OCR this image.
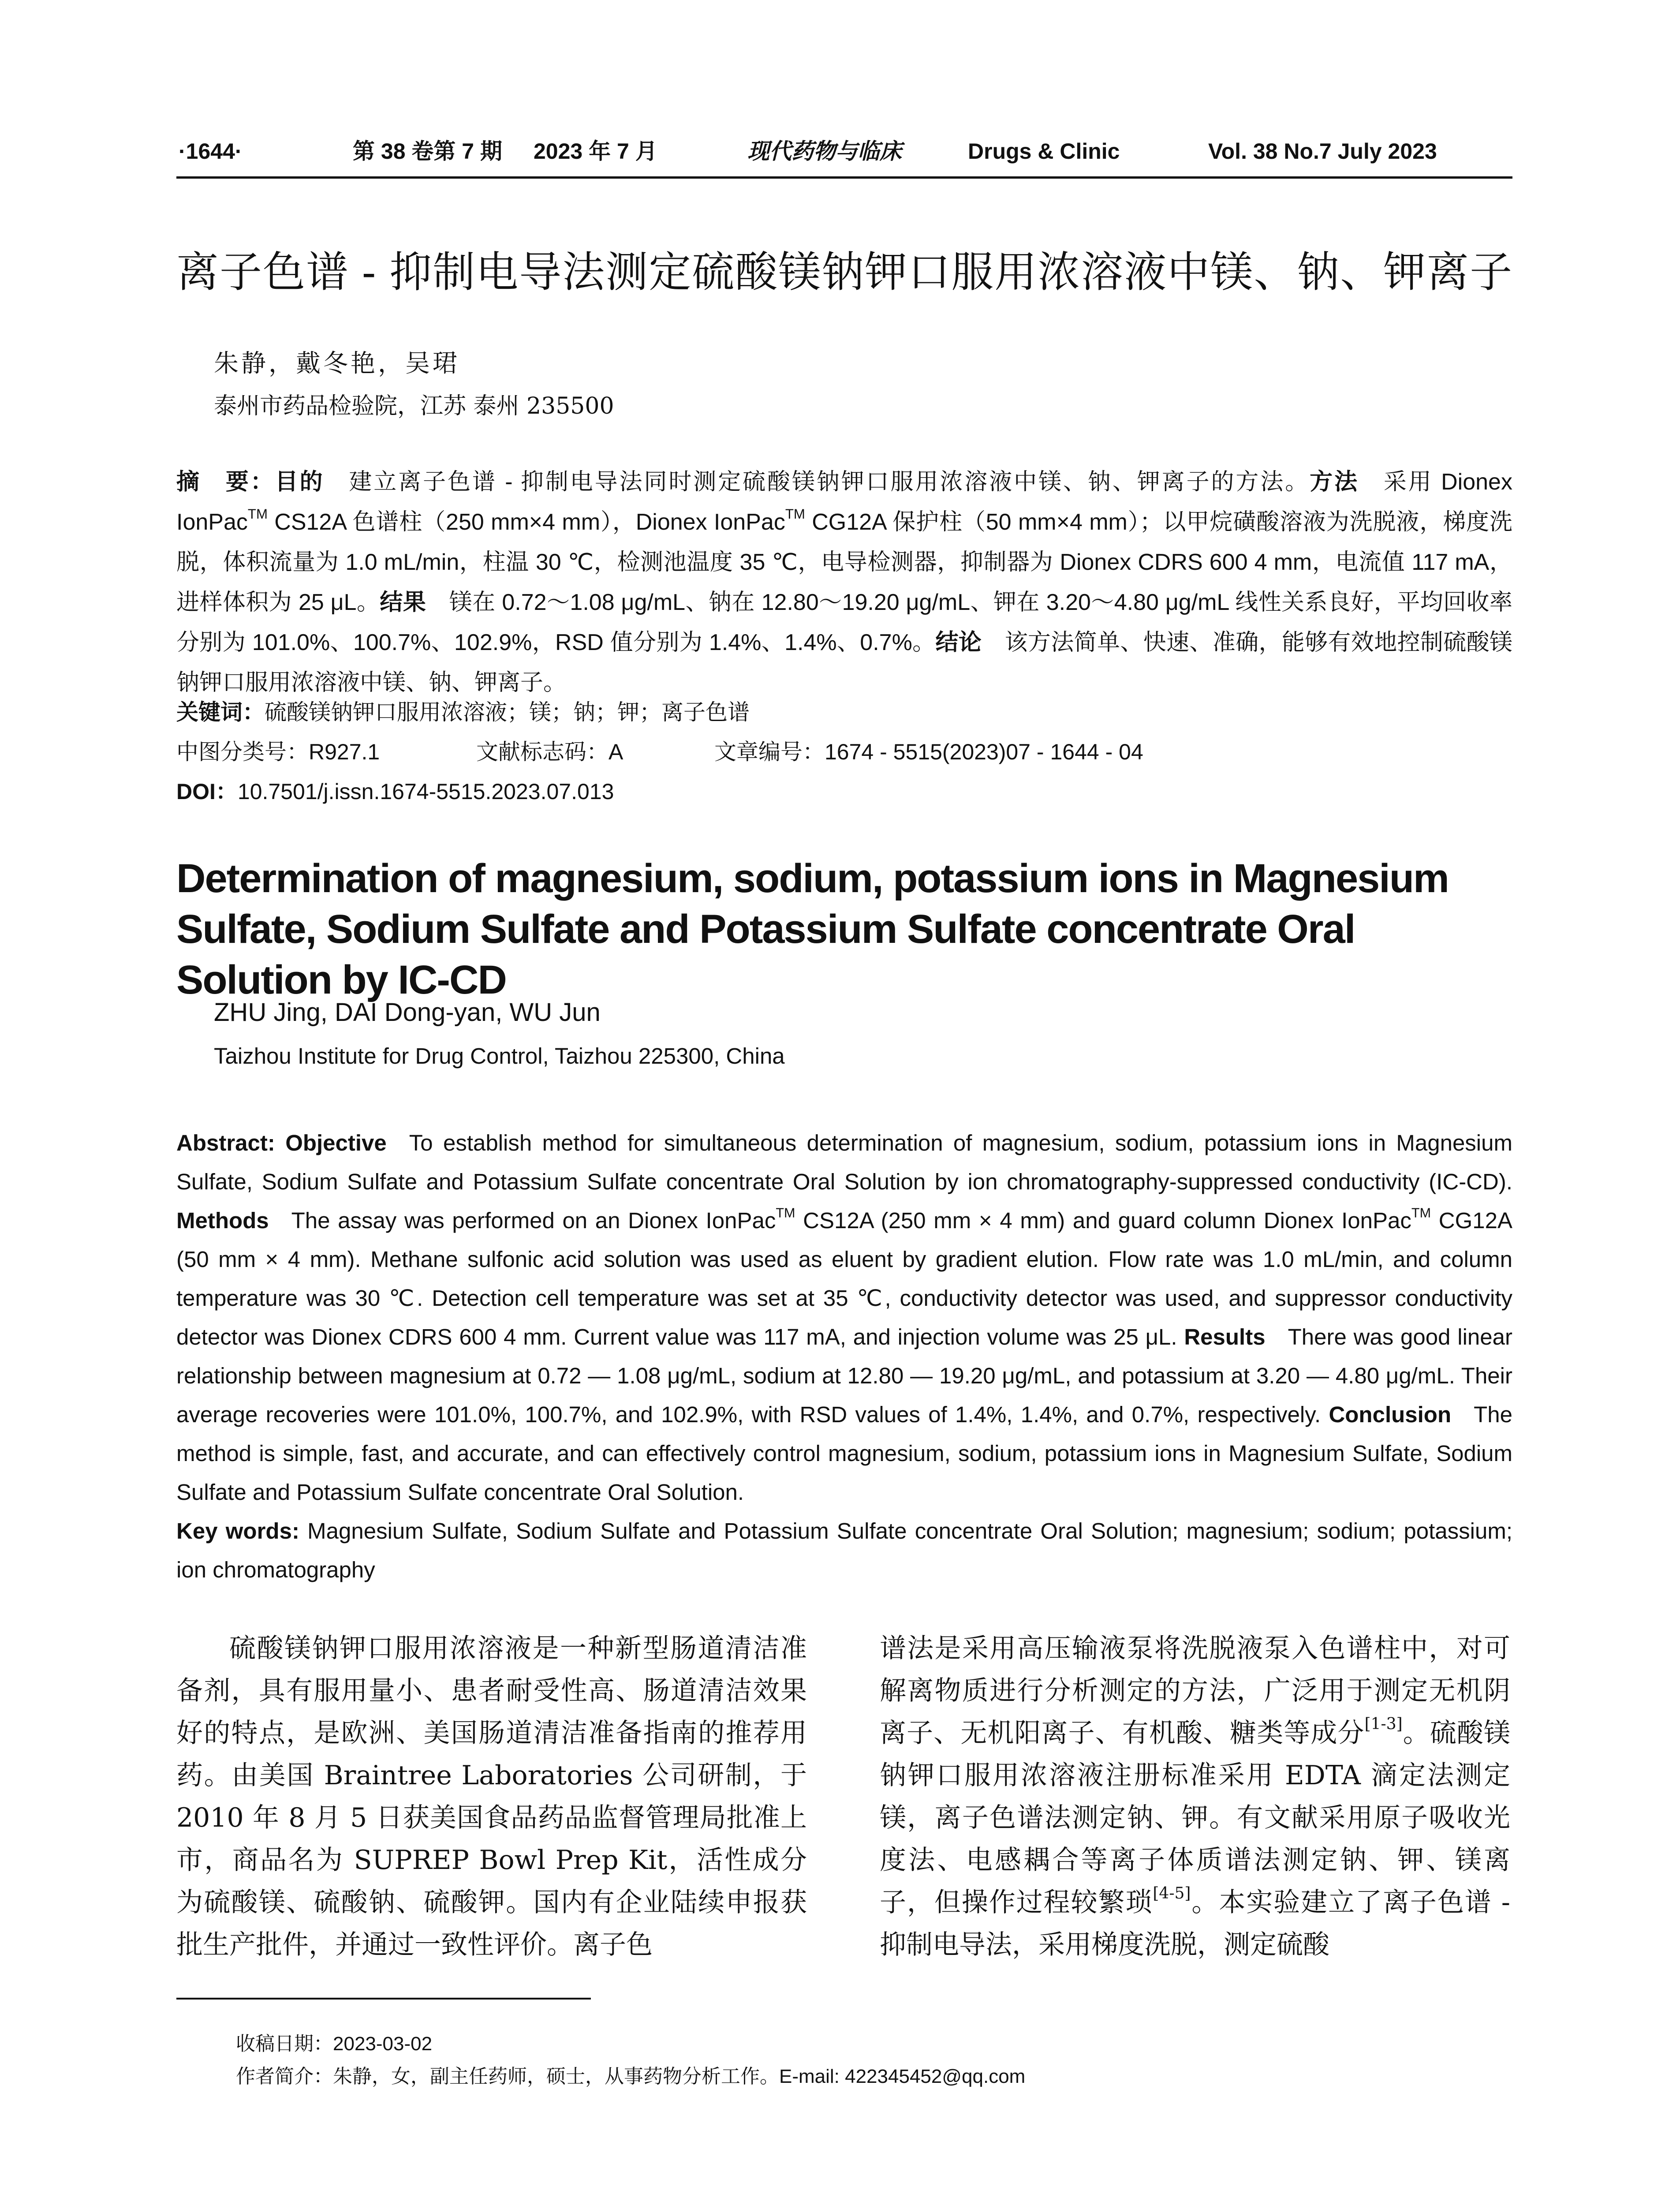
·1644·	第 38 卷第 7 期 2023 年 7 月	现代药物与临床	Drugs & Clinic	Vol. 38 No.7 July 2023
离子色谱 - 抑制电导法测定硫酸镁钠钾口服用浓溶液中镁、钠、钾离子
朱静，戴冬艳，吴珺
泰州市药品检验院，江苏 泰州 235500
摘　要：目的  建立离子色谱 - 抑制电导法同时测定硫酸镁钠钾口服用浓溶液中镁、钠、钾离子的方法。方法  采用 Dionex IonPac™ CS12A 色谱柱（250 mm×4 mm），Dionex IonPac™ CG12A 保护柱（50 mm×4 mm）；以甲烷磺酸溶液为洗脱液，梯度洗脱，体积流量为 1.0 mL/min，柱温 30 ℃，检测池温度 35 ℃，电导检测器，抑制器为 Dionex CDRS 600 4 mm，电流值 117 mA，进样体积为 25 μL。结果  镁在 0.72～1.08 μg/mL、钠在 12.80～19.20 μg/mL、钾在 3.20～4.80 μg/mL 线性关系良好，平均回收率分别为 101.0%、100.7%、102.9%，RSD 值分别为 1.4%、1.4%、0.7%。结论  该方法简单、快速、准确，能够有效地控制硫酸镁钠钾口服用浓溶液中镁、钠、钾离子。
关键词：硫酸镁钠钾口服用浓溶液；镁；钠；钾；离子色谱
中图分类号：R927.1	文献标志码：A	文章编号：1674 - 5515(2023)07 - 1644 - 04
DOI：10.7501/j.issn.1674-5515.2023.07.013
Determination of magnesium, sodium, potassium ions in Magnesium Sulfate, Sodium Sulfate and Potassium Sulfate concentrate Oral Solution by IC-CD
ZHU Jing, DAI Dong-yan, WU Jun
Taizhou Institute for Drug Control, Taizhou 225300, China
Abstract: Objective  To establish method for simultaneous determination of magnesium, sodium, potassium ions in Magnesium Sulfate, Sodium Sulfate and Potassium Sulfate concentrate Oral Solution by ion chromatography-suppressed conductivity (IC-CD). Methods  The assay was performed on an Dionex IonPac™ CS12A (250 mm × 4 mm) and guard column Dionex IonPac™ CG12A (50 mm × 4 mm). Methane sulfonic acid solution was used as eluent by gradient elution. Flow rate was 1.0 mL/min, and column temperature was 30 ℃. Detection cell temperature was set at 35 ℃, conductivity detector was used, and suppressor conductivity detector was Dionex CDRS 600 4 mm. Current value was 117 mA, and injection volume was 25 μL. Results  There was good linear relationship between magnesium at 0.72 — 1.08 μg/mL, sodium at 12.80 — 19.20 μg/mL, and potassium at 3.20 — 4.80 μg/mL. Their average recoveries were 101.0%, 100.7%, and 102.9%, with RSD values of 1.4%, 1.4%, and 0.7%, respectively. Conclusion  The method is simple, fast, and accurate, and can effectively control magnesium, sodium, potassium ions in Magnesium Sulfate, Sodium Sulfate and Potassium Sulfate concentrate Oral Solution.
Key words: Magnesium Sulfate, Sodium Sulfate and Potassium Sulfate concentrate Oral Solution; magnesium; sodium; potassium; ion chromatography
硫酸镁钠钾口服用浓溶液是一种新型肠道清洁准备剂，具有服用量小、患者耐受性高、肠道清洁效果好的特点，是欧洲、美国肠道清洁准备指南的推荐用药。由美国 Braintree Laboratories 公司研制，于 2010 年 8 月 5 日获美国食品药品监督管理局批准上市，商品名为 SUPREP Bowl Prep Kit，活性成分为硫酸镁、硫酸钠、硫酸钾。国内有企业陆续申报获批生产批件，并通过一致性评价。离子色
谱法是采用高压输液泵将洗脱液泵入色谱柱中，对可解离物质进行分析测定的方法，广泛用于测定无机阴离子、无机阳离子、有机酸、糖类等成分[1-3]。硫酸镁钠钾口服用浓溶液注册标准采用 EDTA 滴定法测定镁，离子色谱法测定钠、钾。有文献采用原子吸收光度法、电感耦合等离子体质谱法测定钠、钾、镁离子，但操作过程较繁琐[4-5]。本实验建立了离子色谱 - 抑制电导法，采用梯度洗脱，测定硫酸
收稿日期：2023-03-02
作者简介：朱静，女，副主任药师，硕士，从事药物分析工作。E-mail: 422345452@qq.com
